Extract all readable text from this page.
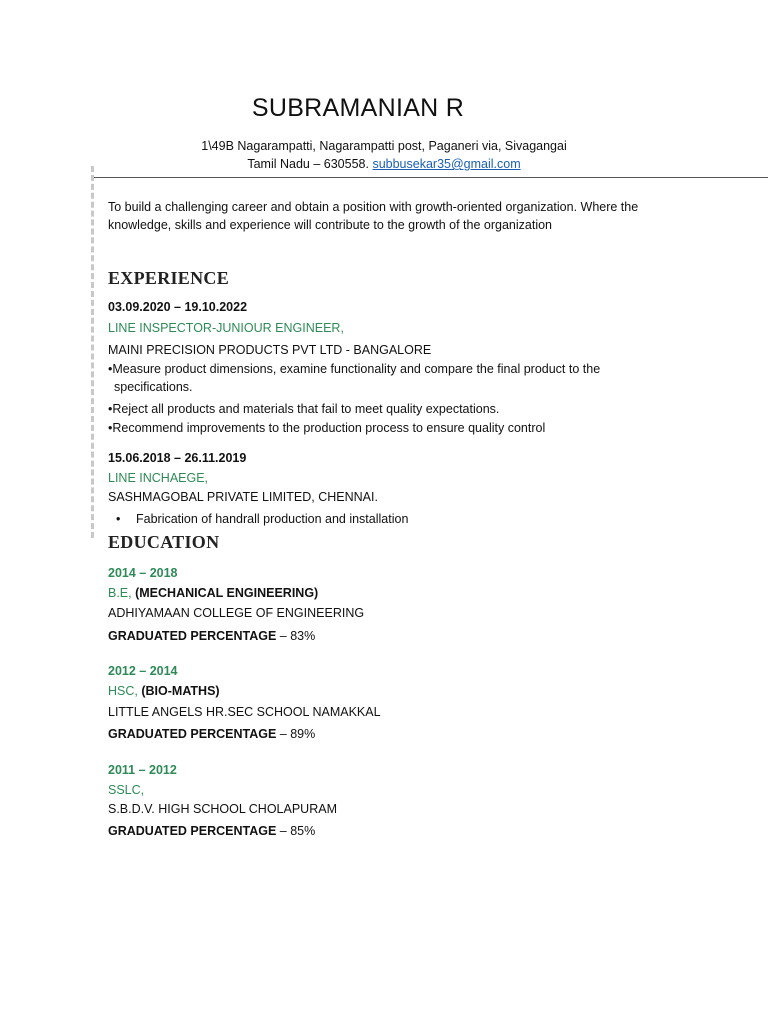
SUBRAMANIAN R
1\49B Nagarampatti, Nagarampatti post, Paganeri via, Sivagangai
Tamil Nadu – 630558. subbusekar35@gmail.com
To build a challenging career and obtain a position with growth-oriented organization. Where the knowledge, skills and experience will contribute to the growth of the organization
EXPERIENCE
03.09.2020 – 19.10.2022
LINE INSPECTOR-JUNIOUR ENGINEER,
MAINI PRECISION PRODUCTS PVT LTD - BANGALORE
•Measure product dimensions, examine functionality and compare the final product to the
specifications.
•Reject all products and materials that fail to meet quality expectations.
•Recommend improvements to the production process to ensure quality control
15.06.2018 – 26.11.2019
LINE INCHAEGE,
SASHMAGOBAL PRIVATE LIMITED, CHENNAI.
• Fabrication of handrall production and installation
EDUCATION
2014 – 2018
B.E, (MECHANICAL ENGINEERING)
ADHIYAMAAN COLLEGE OF ENGINEERING
GRADUATED PERCENTAGE – 83%
2012 – 2014
HSC, (BIO-MATHS)
LITTLE ANGELS HR.SEC SCHOOL NAMAKKAL
GRADUATED PERCENTAGE – 89%
2011 – 2012
SSLC,
S.B.D.V. HIGH SCHOOL CHOLAPURAM
GRADUATED PERCENTAGE – 85%
